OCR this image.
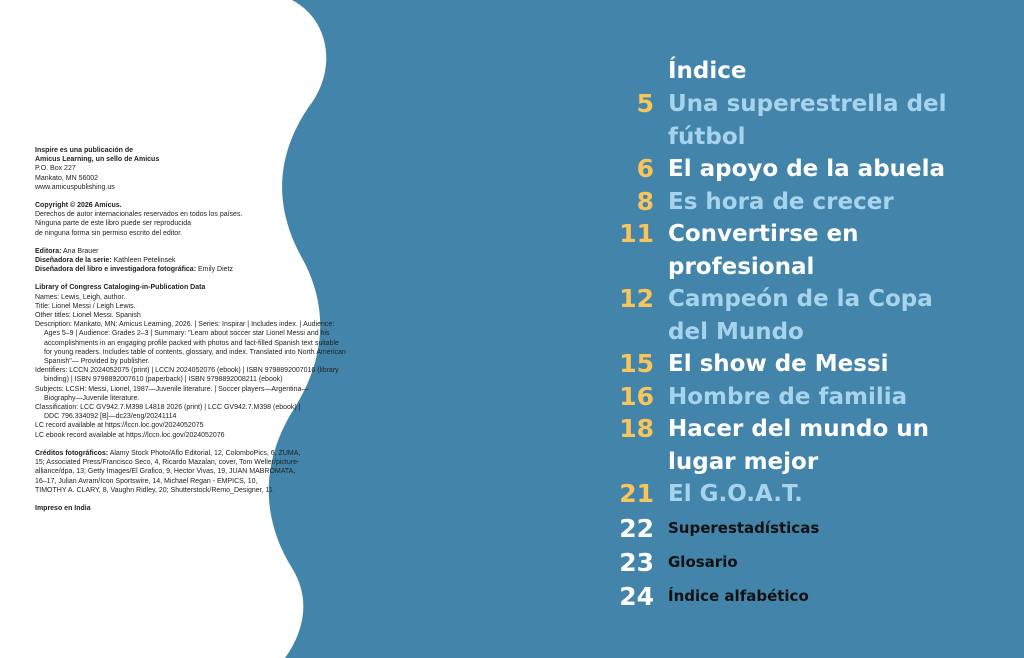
Inspire es una publicación de
Amicus Learning, un sello de Amicus
P.O. Box 227
Mankato, MN 56002
www.amicuspublishing.us
Copyright © 2026 Amicus.
Derechos de autor internacionales reservados en todos los países.
Ninguna parte de este libro puede ser reproducida
de ninguna forma sin permiso escrito del editor.
Editora: Ana Brauer
Diseñadora de la serie: Kathleen Petelinsek
Diseñadora del libro e investigadora fotográfica: Emily Dietz
Library of Congress Cataloging-in-Publication Data
Names: Lewis, Leigh, author.
Title: Lionel Messi / Leigh Lewis.
Other titles: Lionel Messi. Spanish
Description: Mankato, MN: Amicus Learning, 2026. | Series: Inspirar | Includes index. | Audience:
Ages 5–9 | Audience: Grades 2–3 | Summary: "Learn about soccer star Lionel Messi and his
accomplishments in an engaging profile packed with photos and fact-filled Spanish text suitable
for young readers. Includes table of contents, glossary, and index. Translated into North American
Spanish"— Provided by publisher.
Identifiers: LCCN 2024052075 (print) | LCCN 2024052076 (ebook) | ISBN 9798892007016 (library
binding) | ISBN 9798892007610 (paperback) | ISBN 9798892008211 (ebook)
Subjects: LCSH: Messi, Lionel, 1987—Juvenile literature. | Soccer players—Argentina—
Biography—Juvenile literature.
Classification: LCC GV942.7.M398 L4818 2026 (print) | LCC GV942.7.M398 (ebook) |
DDC 796.334092 [B]—dc23/eng/20241114
LC record available at https://lccn.loc.gov/2024052075
LC ebook record available at https://lccn.loc.gov/2024052076
Créditos fotográficos: Alamy Stock Photo/Aflo Editorial, 12, ColomboPics, 6, ZUMA,
15; Associated Press/Francisco Seco, 4, Ricardo Mazalan, cover, Tom Weller/picture-
alliance/dpa, 13; Getty Images/El Grafico, 9, Hector Vivas, 19, JUAN MABROMATA,
16–17, Julian Avram/Icon Sportswire, 14, Michael Regan - EMPICS, 10,
TIMOTHY A. CLARY, 8, Vaughn Ridley, 20; Shutterstock/Remo_Designer, 11
Impreso en India
Índice
5 Una superestrella del
fútbol
6 El apoyo de la abuela
8 Es hora de crecer
11 Convertirse en
profesional
12 Campeón de la Copa
del Mundo
15 El show de Messi
16 Hombre de familia
18 Hacer del mundo un
lugar mejor
21 El G.O.A.T.
22 Superestadísticas
23 Glosario
24 Índice alfabético
